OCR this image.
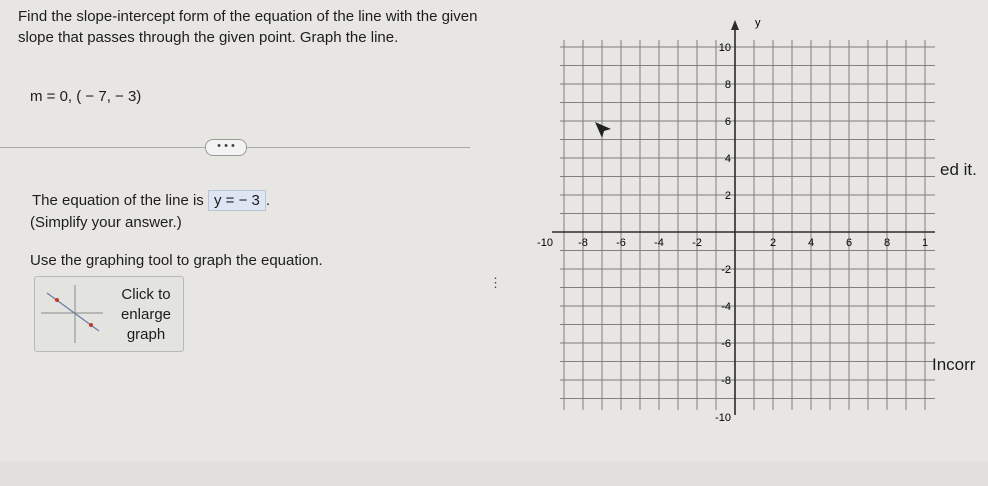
Find the slope-intercept form of the equation of the line with the given slope that passes through the given point. Graph the line.
m = 0, ( − 7, − 3)
• • •
The equation of the line is y = − 3 .
(Simplify your answer.)
Use the graphing tool to graph the equation.
Click to enlarge graph
⋮
-10 -8	-6	-4	-2	2	4	6	8	1
10
8
6
4
2
-2
-4
-6
-8
-10
y
ed it.
Incorr
